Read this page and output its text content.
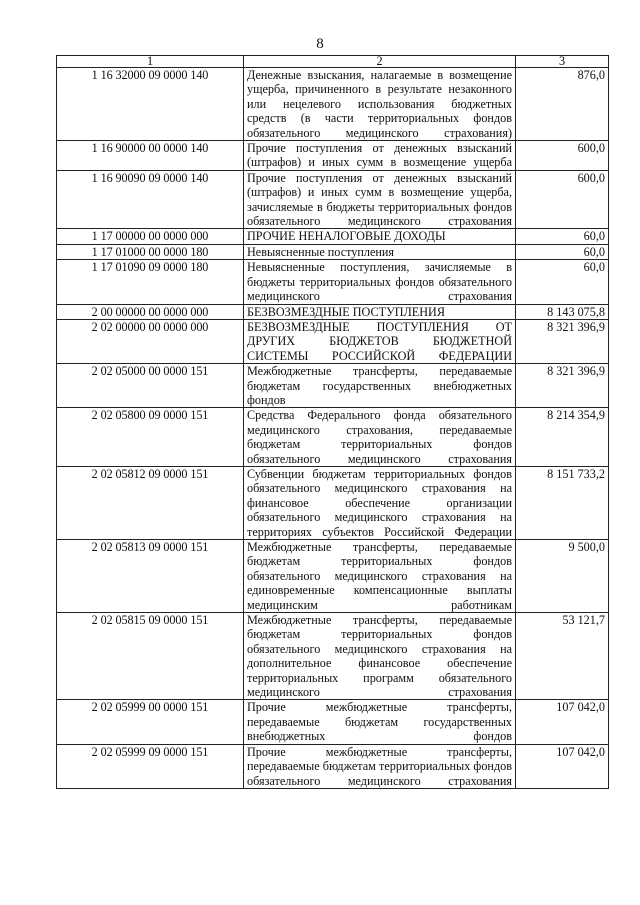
8
1	2	3
1 16 32000 09 0000 140	Денежные взыскания, налагаемые в возмещение ущерба, причиненного в результате незаконного или нецелевого использования бюджетных средств (в части территориальных фондов обязательного медицинского страхования)	876,0
1 16 90000 00 0000 140	Прочие поступления от денежных взысканий (штрафов) и иных сумм в возмещение ущерба	600,0
1 16 90090 09 0000 140	Прочие поступления от денежных взысканий (штрафов) и иных сумм в возмещение ущерба, зачисляемые в бюджеты территориальных фондов обязательного медицинского страхования	600,0
1 17 00000 00 0000 000	ПРОЧИЕ НЕНАЛОГОВЫЕ ДОХОДЫ	60,0
1 17 01000 00 0000 180	Невыясненные поступления	60,0
1 17 01090 09 0000 180	Невыясненные поступления, зачисляемые в бюджеты территориальных фондов обязательного медицинского страхования	60,0
2 00 00000 00 0000 000	БЕЗВОЗМЕЗДНЫЕ ПОСТУПЛЕНИЯ	8 143 075,8
2 02 00000 00 0000 000	БЕЗВОЗМЕЗДНЫЕ ПОСТУПЛЕНИЯ ОТ ДРУГИХ БЮДЖЕТОВ БЮДЖЕТНОЙ СИСТЕМЫ РОССИЙСКОЙ ФЕДЕРАЦИИ	8 321 396,9
2 02 05000 00 0000 151	Межбюджетные трансферты, передаваемые бюджетам государственных внебюджетных фондов	8 321 396,9
2 02 05800 09 0000 151	Средства Федерального фонда обязательного медицинского страхования, передаваемые бюджетам территориальных фондов обязательного медицинского страхования	8 214 354,9
2 02 05812 09 0000 151	Субвенции бюджетам территориальных фондов обязательного медицинского страхования на финансовое обеспечение организации обязательного медицинского страхования на территориях субъектов Российской Федерации	8 151 733,2
2 02 05813 09 0000 151	Межбюджетные трансферты, передаваемые бюджетам территориальных фондов обязательного медицинского страхования на единовременные компенсационные выплаты медицинским работникам	9 500,0
2 02 05815 09 0000 151	Межбюджетные трансферты, передаваемые бюджетам территориальных фондов обязательного медицинского страхования на дополнительное финансовое обеспечение территориальных программ обязательного медицинского страхования	53 121,7
2 02 05999 00 0000 151	Прочие межбюджетные трансферты, передаваемые бюджетам государственных внебюджетных фондов	107 042,0
2 02 05999 09 0000 151	Прочие межбюджетные трансферты, передаваемые бюджетам территориальных фондов обязательного медицинского страхования	107 042,0
